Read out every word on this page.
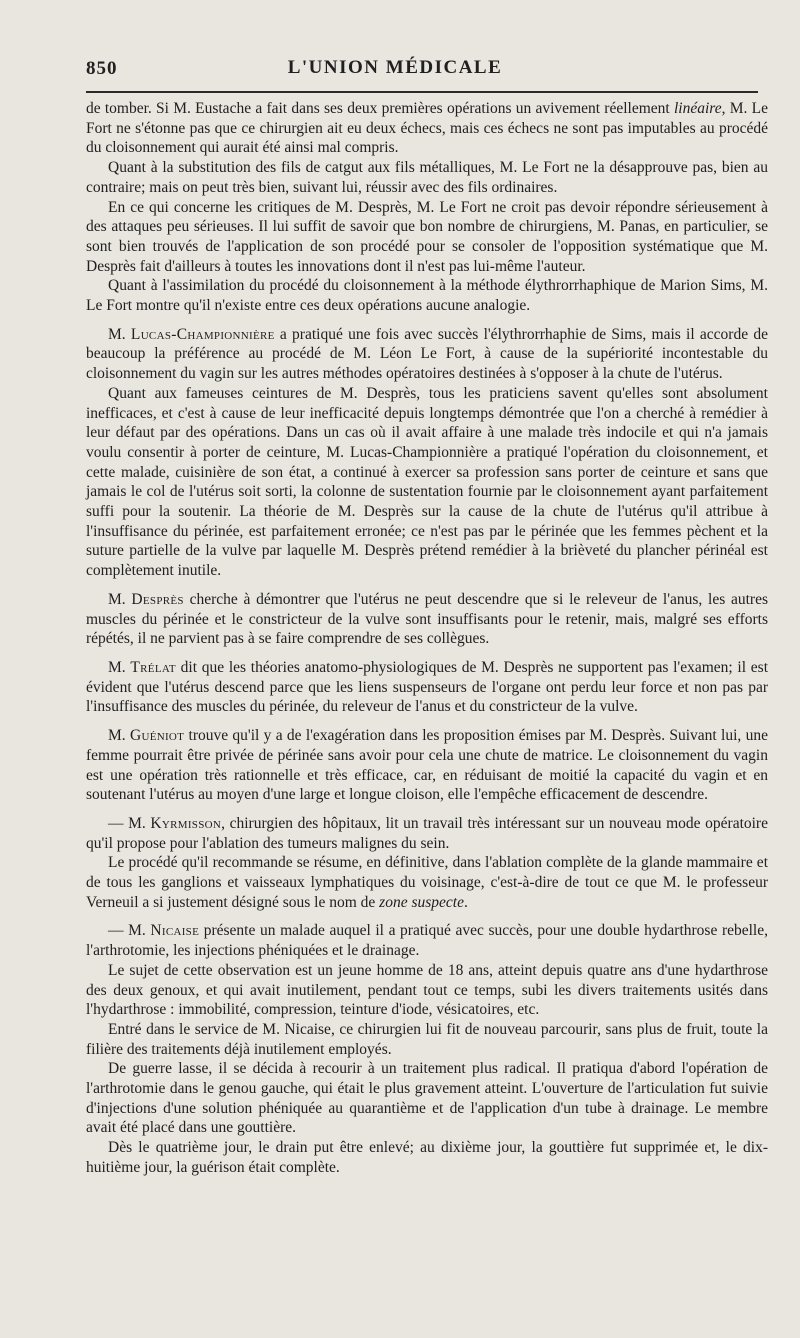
850	L'UNION MÉDICALE

de tomber. Si M. Eustache a fait dans ses deux premières opérations un avivement réellement linéaire, M. Le Fort ne s'étonne pas que ce chirurgien ait eu deux échecs, mais ces échecs ne sont pas imputables au procédé du cloisonnement qui aurait été ainsi mal compris.

Quant à la substitution des fils de catgut aux fils métalliques, M. Le Fort ne la désapprouve pas, bien au contraire; mais on peut très bien, suivant lui, réussir avec des fils ordinaires.

En ce qui concerne les critiques de M. Desprès, M. Le Fort ne croit pas devoir répondre sérieusement à des attaques peu sérieuses. Il lui suffit de savoir que bon nombre de chirurgiens, M. Panas, en particulier, se sont bien trouvés de l'application de son procédé pour se consoler de l'opposition systématique que M. Desprès fait d'ailleurs à toutes les innovations dont il n'est pas lui-même l'auteur.

Quant à l'assimilation du procédé du cloisonnement à la méthode élythrorrhaphique de Marion Sims, M. Le Fort montre qu'il n'existe entre ces deux opérations aucune analogie.

M. Lucas-Championnière a pratiqué une fois avec succès l'élythrorrhaphie de Sims, mais il accorde de beaucoup la préférence au procédé de M. Léon Le Fort, à cause de la supériorité incontestable du cloisonnement du vagin sur les autres méthodes opératoires destinées à s'opposer à la chute de l'utérus.

Quant aux fameuses ceintures de M. Desprès, tous les praticiens savent qu'elles sont absolument inefficaces, et c'est à cause de leur inefficacité depuis longtemps démontrée que l'on a cherché à remédier à leur défaut par des opérations. Dans un cas où il avait affaire à une malade très indocile et qui n'a jamais voulu consentir à porter de ceinture, M. Lucas-Championnière a pratiqué l'opération du cloisonnement, et cette malade, cuisinière de son état, a continué à exercer sa profession sans porter de ceinture et sans que jamais le col de l'utérus soit sorti, la colonne de sustentation fournie par le cloisonnement ayant parfaitement suffi pour la soutenir. La théorie de M. Desprès sur la cause de la chute de l'utérus qu'il attribue à l'insuffisance du périnée, est parfaitement erronée; ce n'est pas par le périnée que les femmes pèchent et la suture partielle de la vulve par laquelle M. Desprès prétend remédier à la brièveté du plancher périnéal est complètement inutile.

M. Desprès cherche à démontrer que l'utérus ne peut descendre que si le releveur de l'anus, les autres muscles du périnée et le constricteur de la vulve sont insuffisants pour le retenir, mais, malgré ses efforts répétés, il ne parvient pas à se faire comprendre de ses collègues.

M. Trélat dit que les théories anatomo-physiologiques de M. Desprès ne supportent pas l'examen; il est évident que l'utérus descend parce que les liens suspenseurs de l'organe ont perdu leur force et non pas par l'insuffisance des muscles du périnée, du releveur de l'anus et du constricteur de la vulve.

M. Guéniot trouve qu'il y a de l'exagération dans les proposition émises par M. Desprès. Suivant lui, une femme pourrait être privée de périnée sans avoir pour cela une chute de matrice. Le cloisonnement du vagin est une opération très rationnelle et très efficace, car, en réduisant de moitié la capacité du vagin et en soutenant l'utérus au moyen d'une large et longue cloison, elle l'empêche efficacement de descendre.

— M. Kyrmisson, chirurgien des hôpitaux, lit un travail très intéressant sur un nouveau mode opératoire qu'il propose pour l'ablation des tumeurs malignes du sein.

Le procédé qu'il recommande se résume, en définitive, dans l'ablation complète de la glande mammaire et de tous les ganglions et vaisseaux lymphatiques du voisinage, c'est-à-dire de tout ce que M. le professeur Verneuil a si justement désigné sous le nom de zone suspecte.

— M. Nicaise présente un malade auquel il a pratiqué avec succès, pour une double hydarthrose rebelle, l'arthrotomie, les injections phéniquées et le drainage.

Le sujet de cette observation est un jeune homme de 18 ans, atteint depuis quatre ans d'une hydarthrose des deux genoux, et qui avait inutilement, pendant tout ce temps, subi les divers traitements usités dans l'hydarthrose : immobilité, compression, teinture d'iode, vésicatoires, etc.

Entré dans le service de M. Nicaise, ce chirurgien lui fit de nouveau parcourir, sans plus de fruit, toute la filière des traitements déjà inutilement employés.

De guerre lasse, il se décida à recourir à un traitement plus radical. Il pratiqua d'abord l'opération de l'arthrotomie dans le genou gauche, qui était le plus gravement atteint. L'ouverture de l'articulation fut suivie d'injections d'une solution phéniquée au quarantième et de l'application d'un tube à drainage. Le membre avait été placé dans une gouttière.

Dès le quatrième jour, le drain put être enlevé; au dixième jour, la gouttière fut supprimée et, le dix-huitième jour, la guérison était complète.
